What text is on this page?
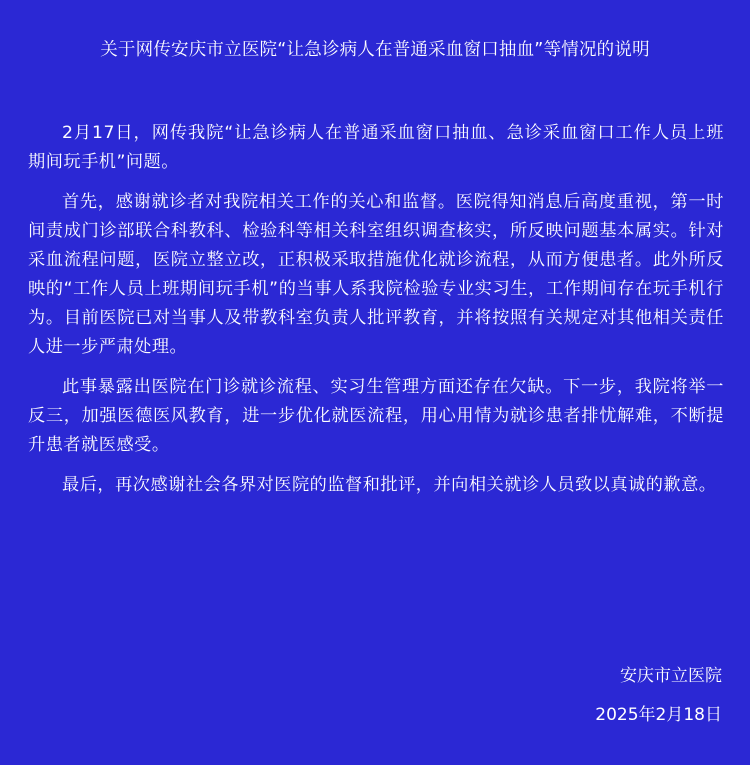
关于网传安庆市立医院“让急诊病人在普通采血窗口抽血”等情况的说明

2月17日，网传我院“让急诊病人在普通采血窗口抽血、急诊采血窗口工作人员上班期间玩手机”问题。

首先，感谢就诊者对我院相关工作的关心和监督。医院得知消息后高度重视，第一时间责成门诊部联合科教科、检验科等相关科室组织调查核实，所反映问题基本属实。针对采血流程问题，医院立整立改，正积极采取措施优化就诊流程，从而方便患者。此外所反映的“工作人员上班期间玩手机”的当事人系我院检验专业实习生，工作期间存在玩手机行为。目前医院已对当事人及带教科室负责人批评教育，并将按照有关规定对其他相关责任人进一步严肃处理。

此事暴露出医院在门诊就诊流程、实习生管理方面还存在欠缺。下一步，我院将举一反三，加强医德医风教育，进一步优化就医流程，用心用情为就诊患者排忧解难，不断提升患者就医感受。

最后，再次感谢社会各界对医院的监督和批评，并向相关就诊人员致以真诚的歉意。

安庆市立医院

2025年2月18日
